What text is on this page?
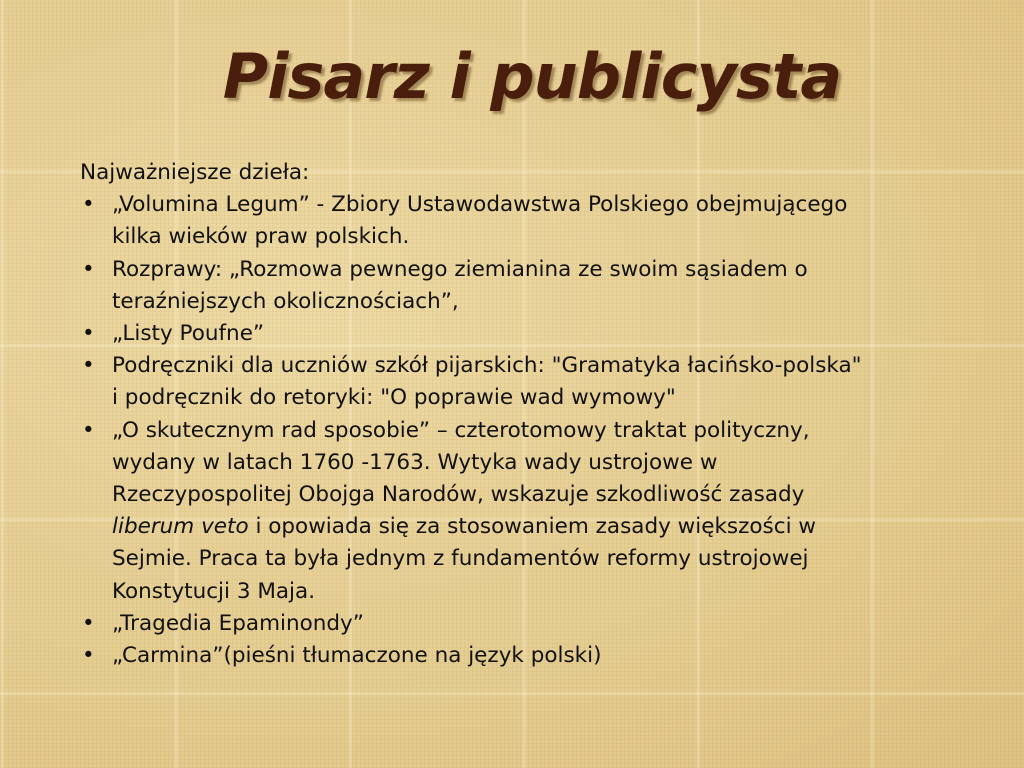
Pisarz i publicysta

Najważniejsze dzieła:

• „Volumina Legum” - Zbiory Ustawodawstwa Polskiego obejmującego kilka wieków praw polskich.
• Rozprawy: „Rozmowa pewnego ziemianina ze swoim sąsiadem o teraźniejszych okolicznościach”,
• „Listy Poufne”
• Podręczniki dla uczniów szkół pijarskich: "Gramatyka łacińsko-polska" i podręcznik do retoryki: "O poprawie wad wymowy"
• „O skutecznym rad sposobie” – czterotomowy traktat polityczny, wydany w latach 1760 -1763. Wytyka wady ustrojowe w Rzeczypospolitej Obojga Narodów, wskazuje szkodliwość zasady liberum veto i opowiada się za stosowaniem zasady większości w Sejmie. Praca ta była jednym z fundamentów reformy ustrojowej Konstytucji 3 Maja.
• „Tragedia Epaminondy”
• „Carmina”(pieśni tłumaczone na język polski)
